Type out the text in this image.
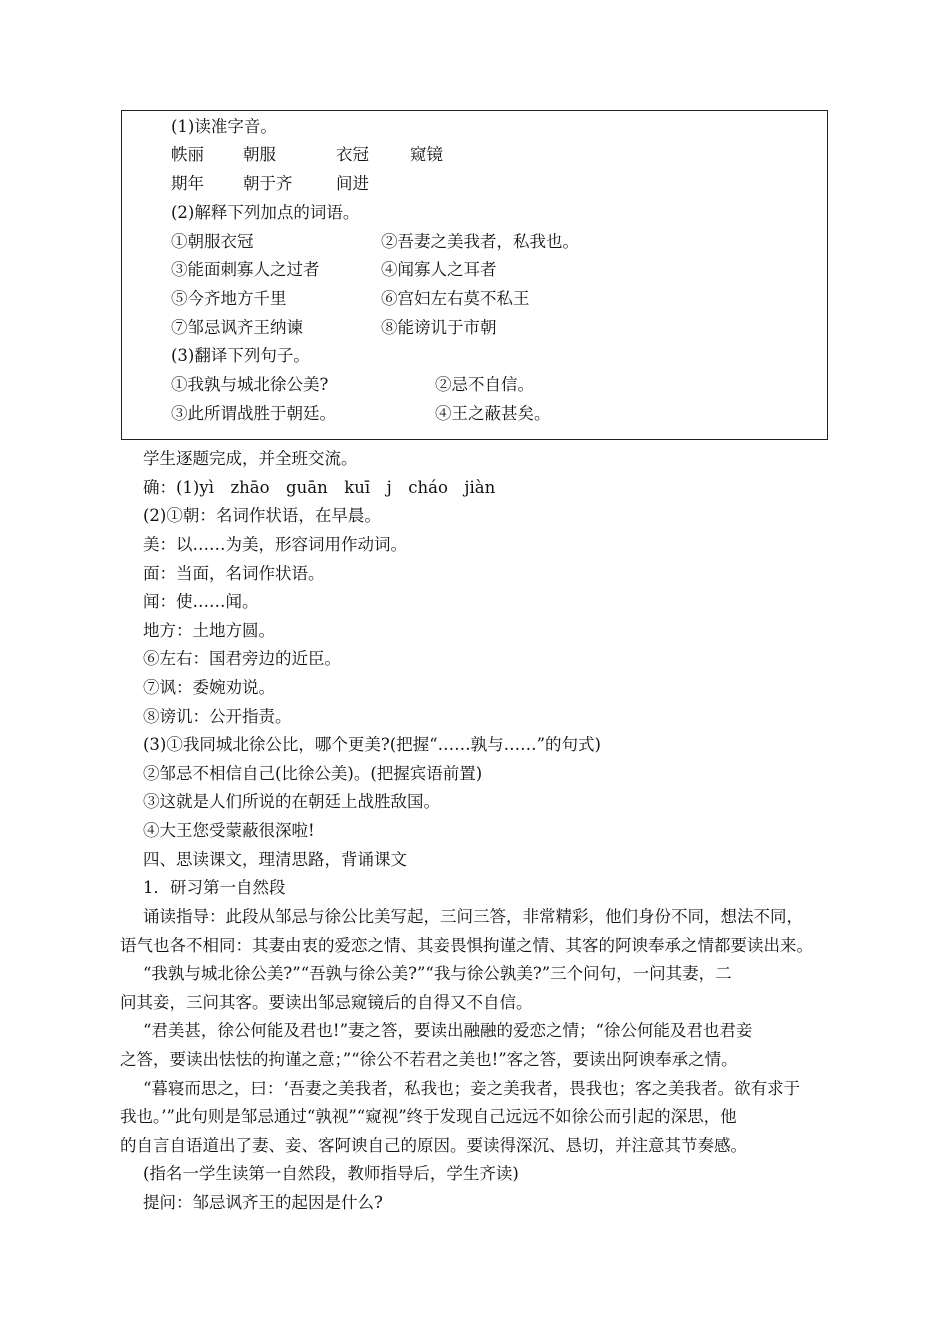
(1)读准字音。
帙丽 朝服	衣冠 窥镜
期年 朝于齐	间进
(2)解释下列加点的词语。
①朝服衣冠	②吾妻之美我者，私我也。
③能面刺寡人之过者	④闻寡人之耳者
⑤今齐地方千里	⑥宫妇左右莫不私王
⑦邹忌讽齐王纳谏	⑧能谤讥于市朝
(3)翻译下列句子。
①我孰与城北徐公美?	②忌不自信。
③此所谓战胜于朝廷。	④王之蔽甚矣。
学生逐题完成，并全班交流。
确：(1)yì　zhāo　guān　kuī　j　cháo　jiàn
(2)①朝：名词作状语，在早晨。
美：以……为美，形容词用作动词。
面：当面，名词作状语。
闻：使……闻。
地方：土地方圆。
⑥左右：国君旁边的近臣。
⑦讽：委婉劝说。
⑧谤讥：公开指责。
(3)①我同城北徐公比，哪个更美?(把握“……孰与……”的句式)
②邹忌不相信自己(比徐公美)。(把握宾语前置)
③这就是人们所说的在朝廷上战胜敌国。
④大王您受蒙蔽很深啦!
四、思读课文，理清思路，背诵课文
1．研习第一自然段
诵读指导：此段从邹忌与徐公比美写起，三问三答，非常精彩，他们身份不同，想法不同，
语气也各不相同：其妻由衷的爱恋之情、其妾畏惧拘谨之情、其客的阿谀奉承之情都要读出来。
“我孰与城北徐公美?”“吾孰与徐公美?”“我与徐公孰美?”三个问句，一问其妻，二
问其妾，三问其客。要读出邹忌窥镜后的自得又不自信。
“君美甚，徐公何能及君也!”妻之答，要读出融融的爱恋之情；“徐公何能及君也君妾
之答，要读出怯怯的拘谨之意；”“徐公不若君之美也!”客之答，要读出阿谀奉承之情。
“暮寝而思之，曰：‘吾妻之美我者，私我也；妾之美我者，畏我也；客之美我者。欲有求于
我也。’”此句则是邹忌通过“孰视”“窥视”终于发现自己远远不如徐公而引起的深思，他
的自言自语道出了妻、妾、客阿谀自己的原因。要读得深沉、恳切，并注意其节奏感。
(指名一学生读第一自然段，教师指导后，学生齐读)
提问：邹忌讽齐王的起因是什么?
